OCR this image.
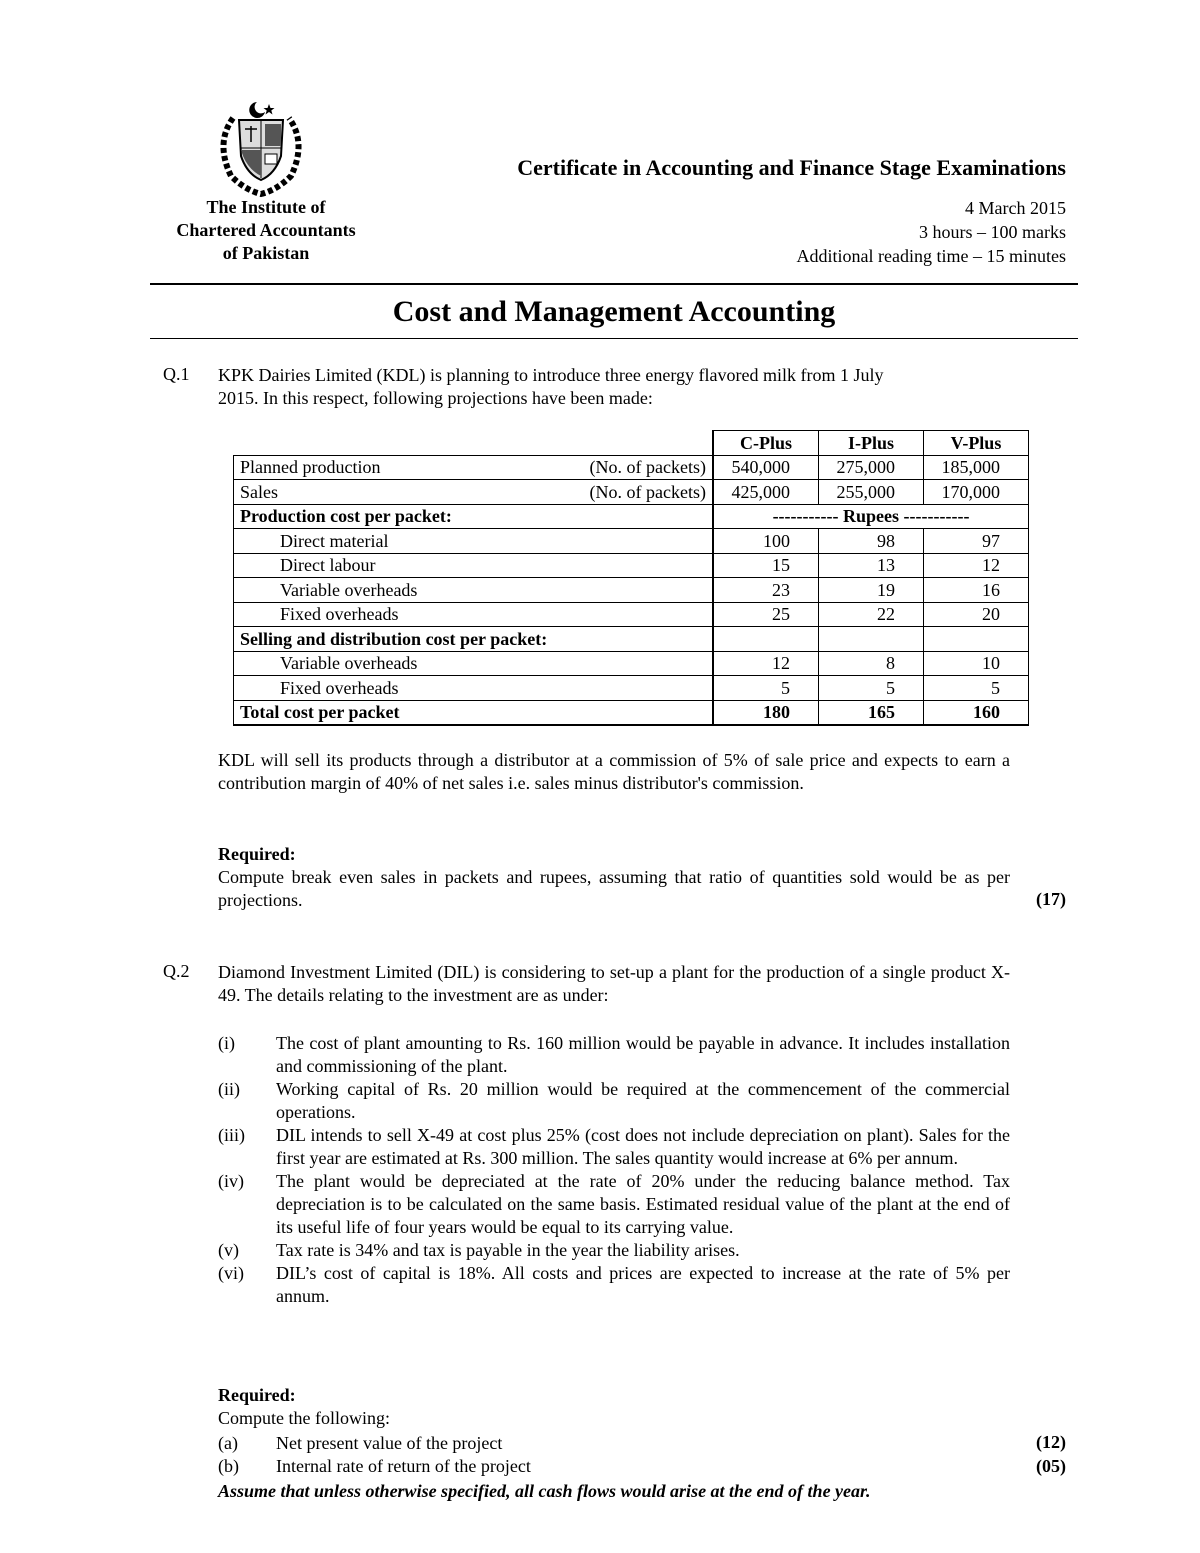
The Institute of
Chartered Accountants
of Pakistan
Certificate in Accounting and Finance Stage Examinations
4 March 2015
3 hours – 100 marks
Additional reading time – 15 minutes
Cost and Management Accounting
Q.1 KPK Dairies Limited (KDL) is planning to introduce three energy flavored milk from 1 July
2015. In this respect, following projections have been made:
	C-Plus	I-Plus	V-Plus
Planned production (No. of packets)	540,000	275,000	185,000
Sales (No. of packets)	425,000	255,000	170,000
Production cost per packet:	----------- Rupees -----------		
Direct material	100	98	97
Direct labour	15	13	12
Variable overheads	23	19	16
Fixed overheads	25	22	20
Selling and distribution cost per packet:			
Variable overheads	12	8	10
Fixed overheads	5	5	5
Total cost per packet	180	165	160
KDL will sell its products through a distributor at a commission of 5% of sale price and expects to earn a contribution margin of 40% of net sales i.e. sales minus distributor's commission.
Required:
Compute break even sales in packets and rupees, assuming that ratio of quantities sold would be as per projections.	(17)
Q.2 Diamond Investment Limited (DIL) is considering to set-up a plant for the production of a single product X-49. The details relating to the investment are as under:
(i)	The cost of plant amounting to Rs. 160 million would be payable in advance. It includes installation and commissioning of the plant.
(ii)	Working capital of Rs. 20 million would be required at the commencement of the commercial operations.
(iii)	DIL intends to sell X-49 at cost plus 25% (cost does not include depreciation on plant). Sales for the first year are estimated at Rs. 300 million. The sales quantity would increase at 6% per annum.
(iv)	The plant would be depreciated at the rate of 20% under the reducing balance method. Tax depreciation is to be calculated on the same basis. Estimated residual value of the plant at the end of its useful life of four years would be equal to its carrying value.
(v)	Tax rate is 34% and tax is payable in the year the liability arises.
(vi)	DIL’s cost of capital is 18%. All costs and prices are expected to increase at the rate of 5% per annum.
Required:
Compute the following:
(a)	Net present value of the project
(b)	Internal rate of return of the project
(12)
(05)
Assume that unless otherwise specified, all cash flows would arise at the end of the year.
